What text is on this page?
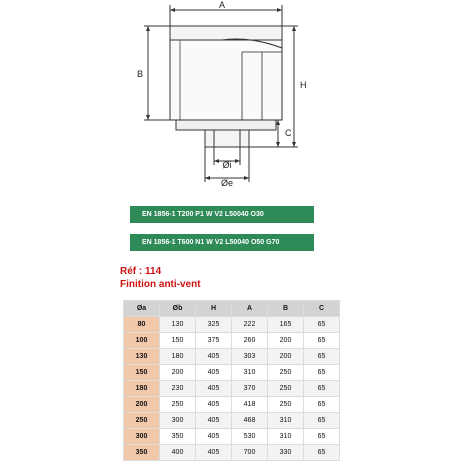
A
B
H
C
Øi
Øe
EN 1856-1 T200 P1 W V2 L50040 O30
EN 1856-1 T600 N1 W V2 L50040 O50 G70
Réf : 114
Finition anti-vent
Øa	Øb	H	A	B	C
80	130	325	222	165	65
100	150	375	260	200	65
130	180	405	303	200	65
150	200	405	310	250	65
180	230	405	370	250	65
200	250	405	418	250	65
250	300	405	468	310	65
300	350	405	530	310	65
350	400	405	700	330	65
